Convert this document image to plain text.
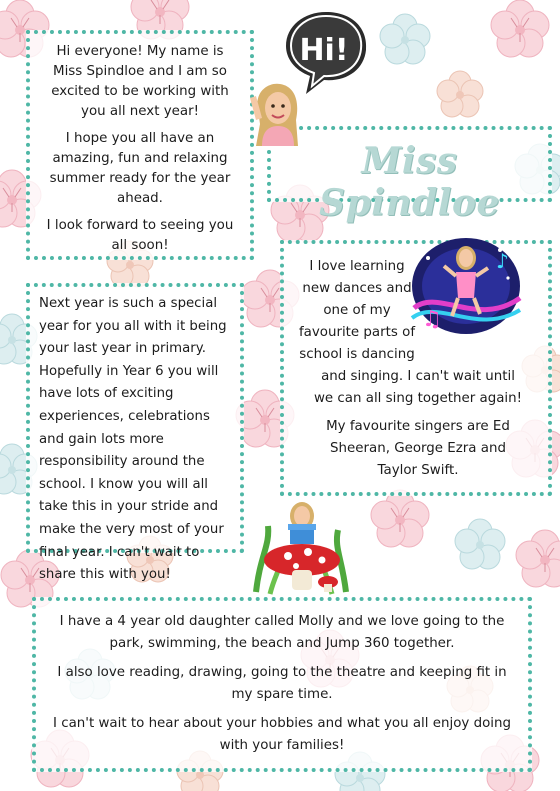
Hi everyone! My name is Miss Spindloe and I am so excited to be working with you all next year!

I hope you all have an amazing, fun and relaxing summer ready for the year ahead.

I look forward to seeing you all soon!

Next year is such a special year for you all with it being your last year in primary. Hopefully in Year 6 you will have lots of exciting experiences, celebrations and gain lots more responsibility around the school. I know you will all take this in your stride and make the very most of your final year. I can't wait to share this with you!

Miss Spindloe

I love learning

new dances and

one of my

favourite parts of

school is dancing

and singing. I can't wait until

we can all sing together again!

My favourite singers are Ed

Sheeran, George Ezra and

Taylor Swift.

I have a 4 year old daughter called Molly and we love going to the park, swimming, the beach and Jump 360 together.

I also love reading, drawing, going to the theatre and keeping fit in my spare time.

I can't wait to hear about your hobbies and what you all enjoy doing with your families!

Hi!
♫
♪
